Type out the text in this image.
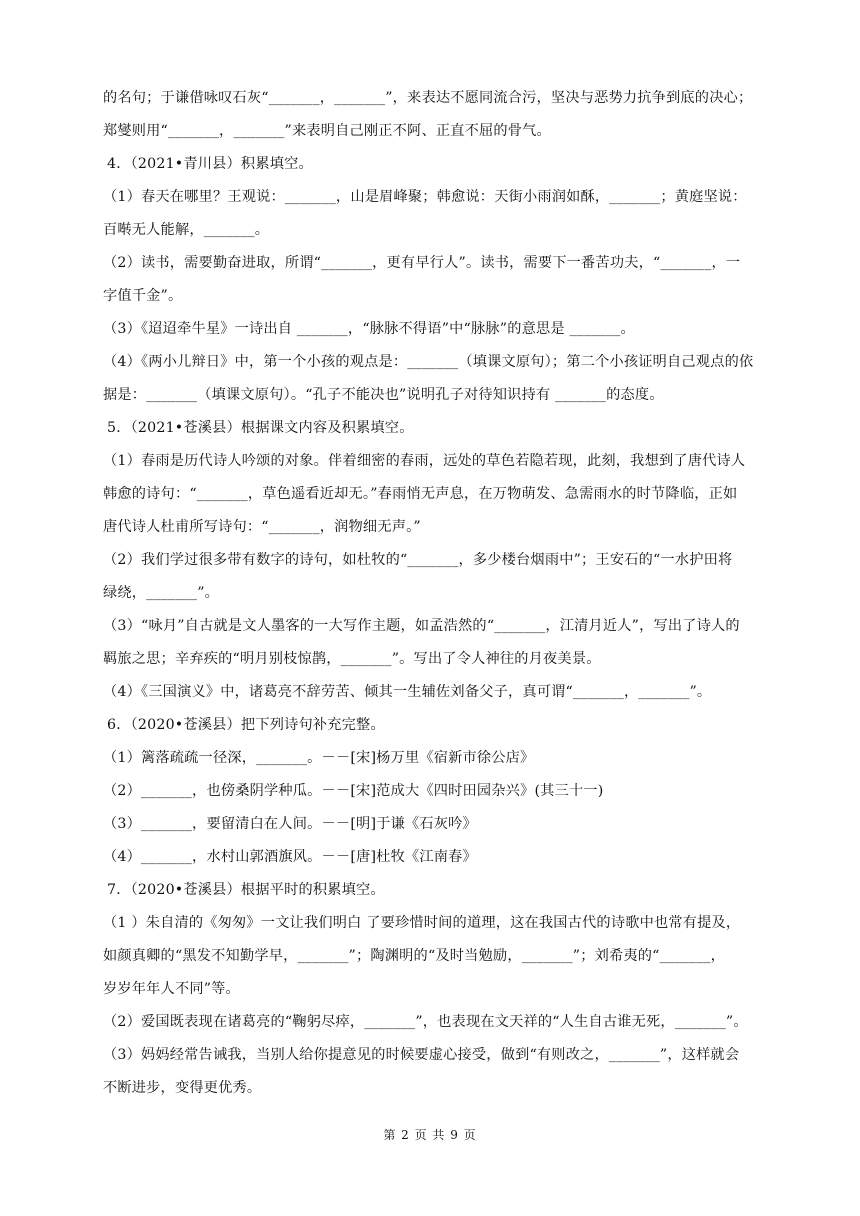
的名句；于谦借咏叹石灰“_______，_______”，来表达不愿同流合污，坚决与恶势力抗争到底的决心；
郑燮则用“_______，_______”来表明自己刚正不阿、正直不屈的骨气。
4．（2021•青川县）积累填空。
（1）春天在哪里？王观说：_______，山是眉峰聚；韩愈说：天街小雨润如酥，_______；黄庭坚说：
百啭无人能解，_______。
（2）读书，需要勤奋进取，所谓“_______，更有早行人”。读书，需要下一番苦功夫，“_______，一
字值千金”。
（3）《迢迢牵牛星》一诗出自 _______，“脉脉不得语”中“脉脉”的意思是 _______。
（4）《两小儿辩日》中，第一个小孩的观点是：_______（填课文原句）；第二个小孩证明自己观点的依
据是：_______（填课文原句）。“孔子不能决也”说明孔子对待知识持有 _______的态度。
5．（2021•苍溪县）根据课文内容及积累填空。
（1）春雨是历代诗人吟颂的对象。伴着细密的春雨，远处的草色若隐若现，此刻，我想到了唐代诗人
韩愈的诗句：“_______，草色遥看近却无。”春雨悄无声息，在万物萌发、急需雨水的时节降临，正如
唐代诗人杜甫所写诗句：“_______，润物细无声。”
（2）我们学过很多带有数字的诗句，如杜牧的“_______，多少楼台烟雨中”；王安石的“一水护田将
绿绕，_______”。
（3）“咏月”自古就是文人墨客的一大写作主题，如孟浩然的“_______，江清月近人”，写出了诗人的
羁旅之思；辛弃疾的“明月别枝惊鹊，_______”。写出了令人神往的月夜美景。
（4）《三国演义》中，诸葛亮不辞劳苦、倾其一生辅佐刘备父子，真可谓“_______，_______”。
6．（2020•苍溪县）把下列诗句补充完整。
（1）篱落疏疏一径深，_______。－－[宋]杨万里《宿新市徐公店》
（2）_______，也傍桑阴学种瓜。－－[宋]范成大《四时田园杂兴》(其三十一)
（3）_______，要留清白在人间。－－[明]于谦《石灰吟》
（4）_______，水村山郭酒旗风。－－[唐]杜牧《江南春》
7．（2020•苍溪县）根据平时的积累填空。
（1 ）朱自清的《匆匆》一文让我们明白 了要珍惜时间的道理，这在我国古代的诗歌中也常有提及，
如颜真卿的“黑发不知勤学早，_______”；陶渊明的“及时当勉励，_______”；刘希夷的“_______，
岁岁年年人不同”等。
（2）爱国既表现在诸葛亮的“鞠躬尽瘁，_______”，也表现在文天祥的“人生自古谁无死，_______”。
（3）妈妈经常告诫我，当别人给你提意见的时候要虚心接受，做到“有则改之，_______”，这样就会
不断进步，变得更优秀。
第 2 页 共 9 页
